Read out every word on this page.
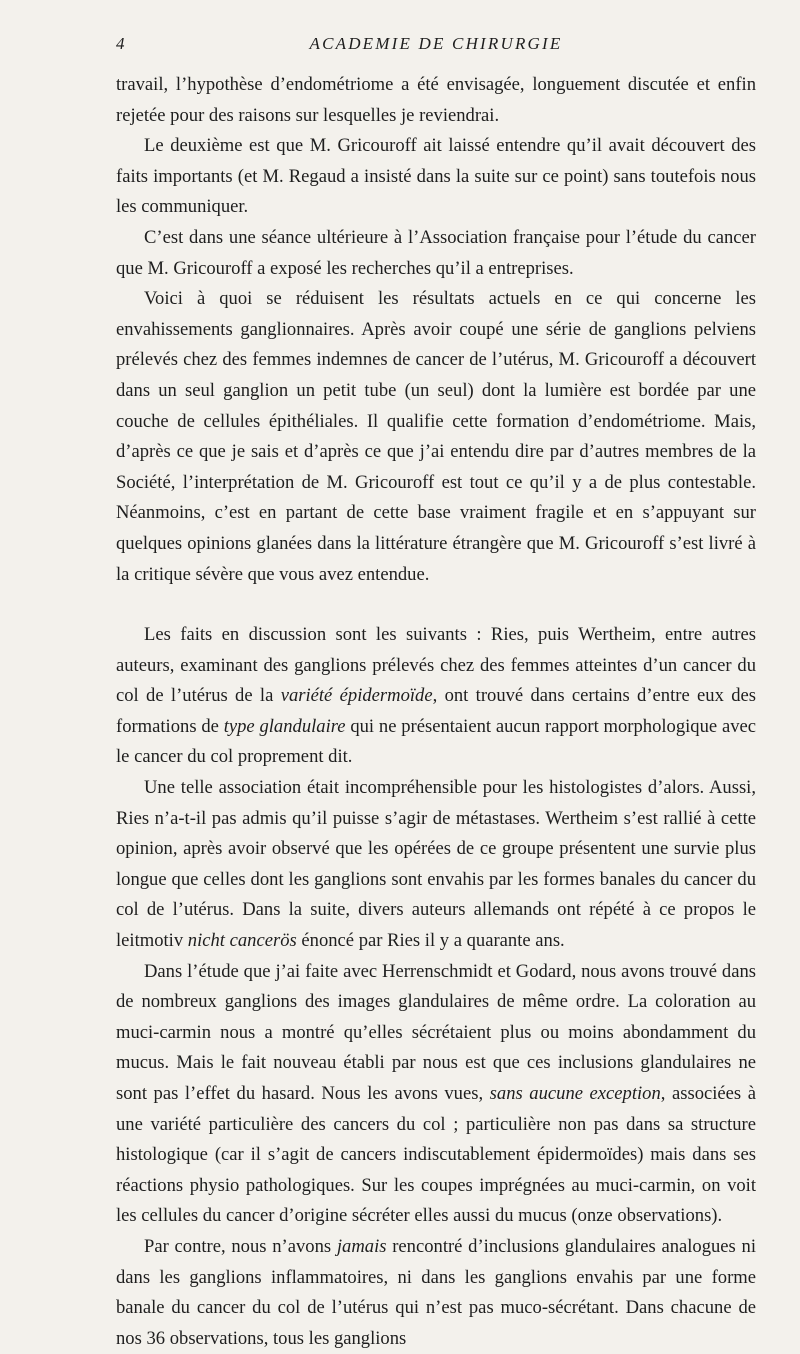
4	ACADEMIE DE CHIRURGIE

travail, l’hypothèse d’endométriome a été envisagée, longuement discutée et enfin rejetée pour des raisons sur lesquelles je reviendrai.

Le deuxième est que M. Gricouroff ait laissé entendre qu’il avait découvert des faits importants (et M. Regaud a insisté dans la suite sur ce point) sans toutefois nous les communiquer.

C’est dans une séance ultérieure à l’Association française pour l’étude du cancer que M. Gricouroff a exposé les recherches qu’il a entreprises.

Voici à quoi se réduisent les résultats actuels en ce qui concerne les envahissements ganglionnaires. Après avoir coupé une série de ganglions pelviens prélevés chez des femmes indemnes de cancer de l’utérus, M. Gricouroff a découvert dans un seul ganglion un petit tube (un seul) dont la lumière est bordée par une couche de cellules épithéliales. Il qualifie cette formation d’endométriome. Mais, d’après ce que je sais et d’après ce que j’ai entendu dire par d’autres membres de la Société, l’interprétation de M. Gricouroff est tout ce qu’il y a de plus contestable. Néanmoins, c’est en partant de cette base vraiment fragile et en s’appuyant sur quelques opinions glanées dans la littérature étrangère que M. Gricouroff s’est livré à la critique sévère que vous avez entendue.

Les faits en discussion sont les suivants : Ries, puis Wertheim, entre autres auteurs, examinant des ganglions prélevés chez des femmes atteintes d’un cancer du col de l’utérus de la variété épidermoïde, ont trouvé dans certains d’entre eux des formations de type glandulaire qui ne présentaient aucun rapport morphologique avec le cancer du col proprement dit.

Une telle association était incompréhensible pour les histologistes d’alors. Aussi, Ries n’a-t-il pas admis qu’il puisse s’agir de métastases. Wertheim s’est rallié à cette opinion, après avoir observé que les opérées de ce groupe présentent une survie plus longue que celles dont les ganglions sont envahis par les formes banales du cancer du col de l’utérus. Dans la suite, divers auteurs allemands ont répété à ce propos le leitmotiv nicht cancerös énoncé par Ries il y a quarante ans.

Dans l’étude que j’ai faite avec Herrenschmidt et Godard, nous avons trouvé dans de nombreux ganglions des images glandulaires de même ordre. La coloration au muci-carmin nous a montré qu’elles sécrétaient plus ou moins abondamment du mucus. Mais le fait nouveau établi par nous est que ces inclusions glandulaires ne sont pas l’effet du hasard. Nous les avons vues, sans aucune exception, associées à une variété particulière des cancers du col ; particulière non pas dans sa structure histologique (car il s’agit de cancers indiscutablement épidermoïdes) mais dans ses réactions physio pathologiques. Sur les coupes imprégnées au muci-carmin, on voit les cellules du cancer d’origine sécréter elles aussi du mucus (onze observations).

Par contre, nous n’avons jamais rencontré d’inclusions glandulaires analogues ni dans les ganglions inflammatoires, ni dans les ganglions envahis par une forme banale du cancer du col de l’utérus qui n’est pas muco-sécrétant. Dans chacune de nos 36 observations, tous les ganglions
